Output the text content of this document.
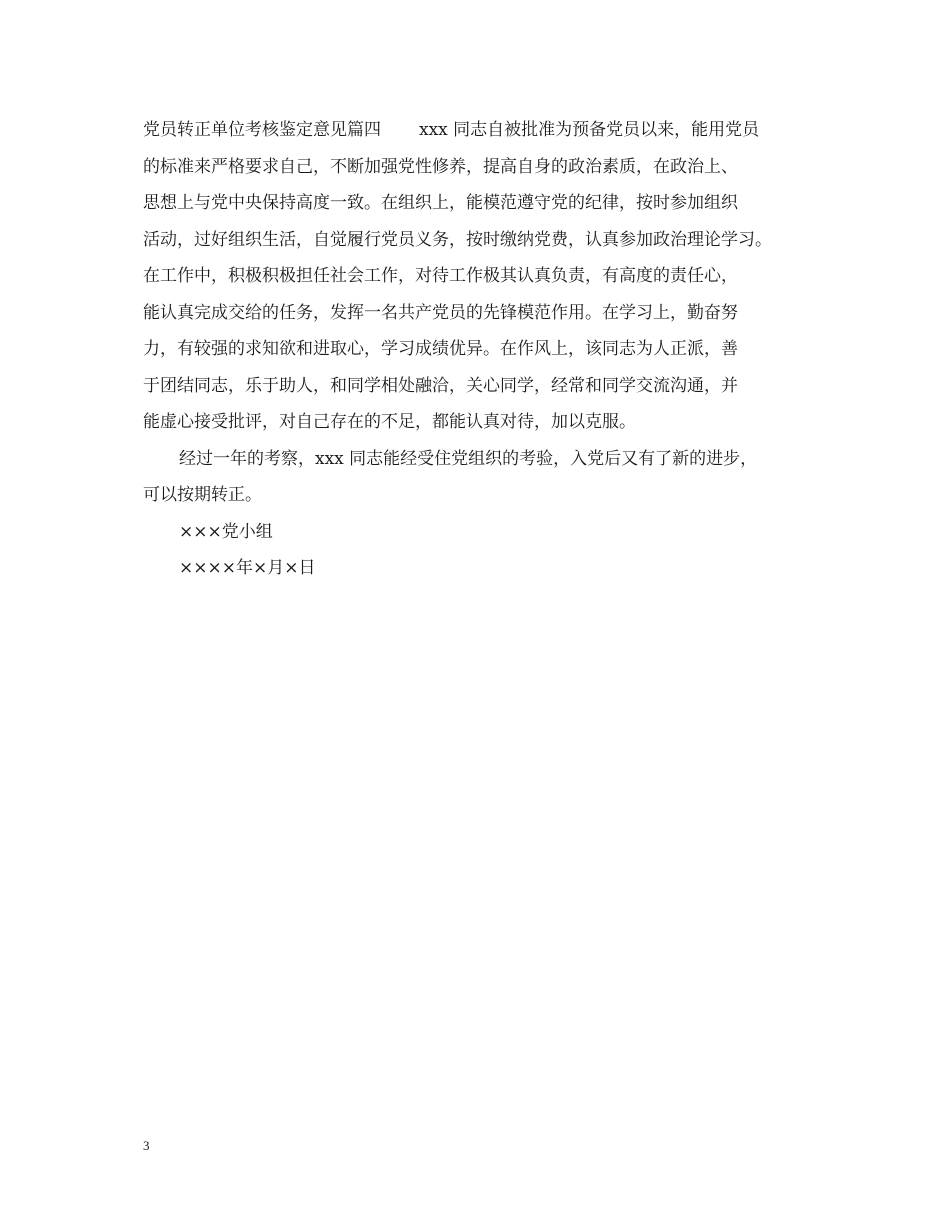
党员转正单位考核鉴定意见篇四 xxx 同志自被批准为预备党员以来，能用党员
的标准来严格要求自己，不断加强党性修养，提高自身的政治素质，在政治上、
思想上与党中央保持高度一致。在组织上，能模范遵守党的纪律，按时参加组织
活动，过好组织生活，自觉履行党员义务，按时缴纳党费，认真参加政治理论学习。
在工作中，积极积极担任社会工作，对待工作极其认真负责，有高度的责任心，
能认真完成交给的任务，发挥一名共产党员的先锋模范作用。在学习上，勤奋努
力，有较强的求知欲和进取心，学习成绩优异。在作风上，该同志为人正派，善
于团结同志，乐于助人，和同学相处融洽，关心同学，经常和同学交流沟通，并
能虚心接受批评，对自己存在的不足，都能认真对待，加以克服。
经过一年的考察，xxx 同志能经受住党组织的考验，入党后又有了新的进步，
可以按期转正。
×××党小组
××××年×月×日
3
